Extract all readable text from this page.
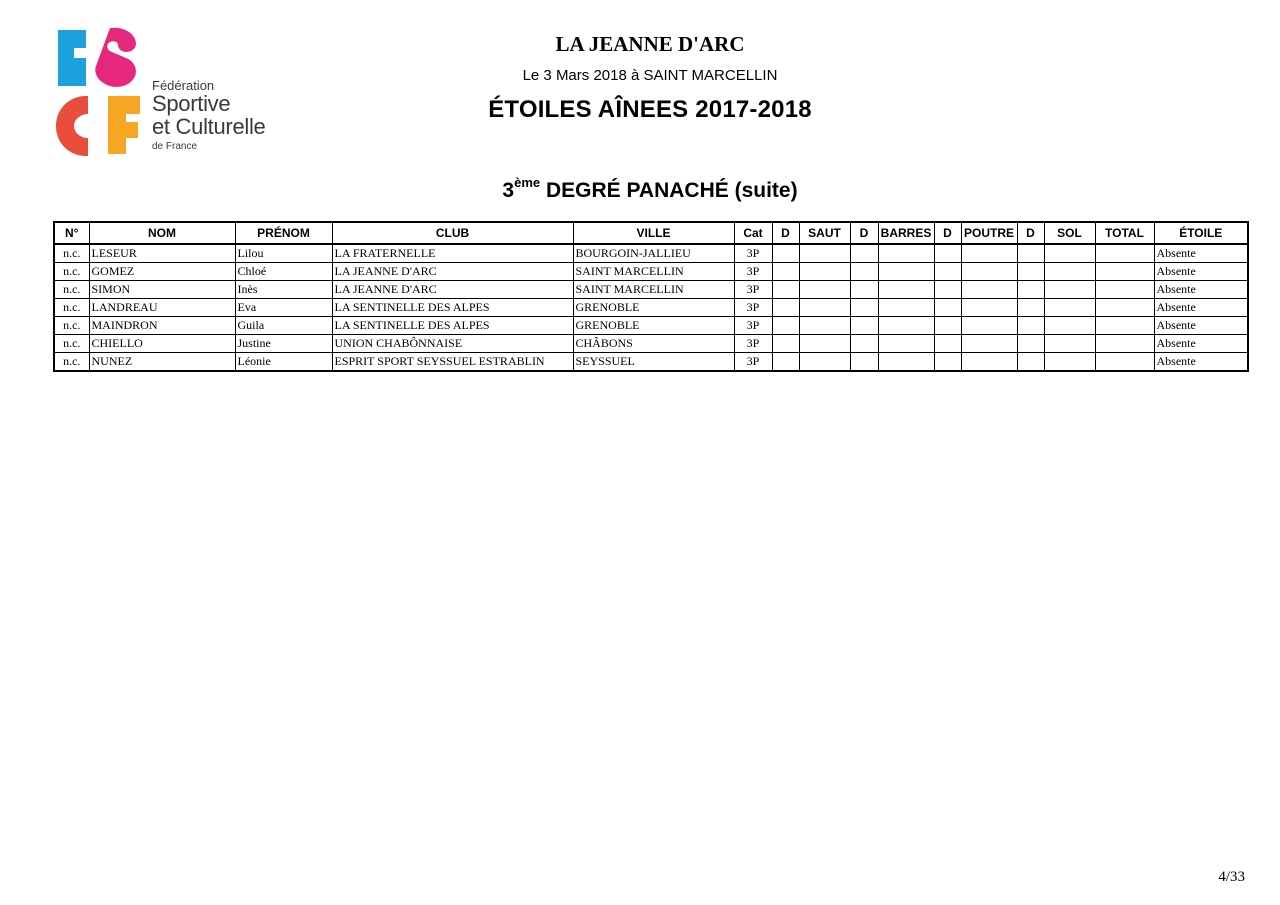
Fédération

Sportive

et Culturelle

de France

LA JEANNE D'ARC
Le 3 Mars 2018 à SAINT MARCELLIN
ÉTOILES AÎNEES 2017-2018
3ème DEGRÉ PANACHÉ (suite)
N°	NOM	PRÉNOM	CLUB	VILLE	Cat	D	SAUT	D	BARRES	D	POUTRE	D	SOL	TOTAL	ÉTOILE
n.c.	LESEUR	Lilou	LA FRATERNELLE	BOURGOIN-JALLIEU	3P										Absente
n.c.	GOMEZ	Chloé	LA JEANNE D'ARC	SAINT MARCELLIN	3P										Absente
n.c.	SIMON	Inès	LA JEANNE D'ARC	SAINT MARCELLIN	3P										Absente
n.c.	LANDREAU	Eva	LA SENTINELLE DES ALPES	GRENOBLE	3P										Absente
n.c.	MAINDRON	Guila	LA SENTINELLE DES ALPES	GRENOBLE	3P										Absente
n.c.	CHIELLO	Justine	UNION CHABÔNNAISE	CHÂBONS	3P										Absente
n.c.	NUNEZ	Léonie	ESPRIT SPORT SEYSSUEL ESTRABLIN	SEYSSUEL	3P										Absente
4/33
